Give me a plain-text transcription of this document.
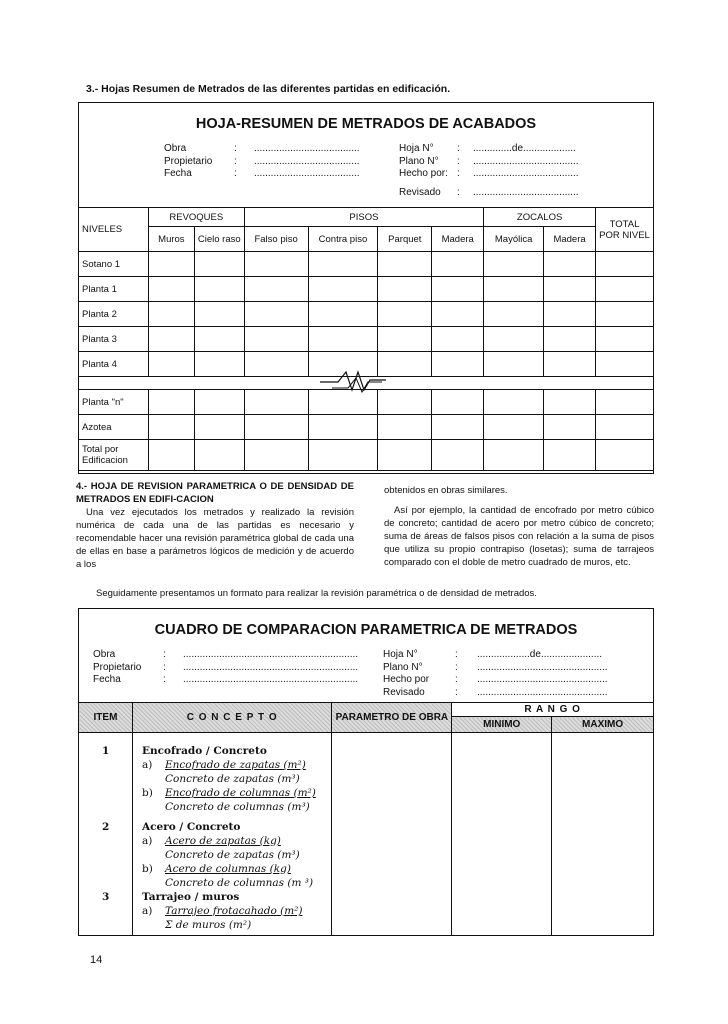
3.- Hojas Resumen de Metrados de las diferentes partidas en edificación.
HOJA-RESUMEN DE METRADOS DE ACABADOS
Obra	: ......................................
Propietario : ......................................
Fecha	: ......................................
Hoja N° : ..............de...................
Plano N° : ......................................
Hecho por: : ......................................
Revisado : ......................................
NIVELES	REVOQUES		PISOS				ZOCALOS		TOTAL POR NIVEL
	Muros	Cielo raso	Falso piso	Contra piso	Parquet	Madera	Mayólica	Madera	
Sotano 1									
Planta 1									
Planta 2									
Planta 3									
Planta 4									

Planta "n"									
Azotea									
Total por Edificacion									
4.- HOJA DE REVISION PARAMETRICA O DE DENSIDAD DE METRADOS EN EDIFI-CACION
Una vez ejecutados los metrados y realizado la revisión numérica de cada una de las partidas es necesario y recomendable hacer una revisión paramétrica global de cada una de ellas en base a parámetros lógicos de medición y de acuerdo a los
obtenidos en obras similares.
Así por ejemplo, la cantidad de encofrado por metro cúbico de concreto; cantidad de acero por metro cúbico de concreto; suma de áreas de falsos pisos con relación a la suma de pisos que utiliza su propio contrapiso (losetas); suma de tarrajeos comparado con el doble de metro cuadrado de muros, etc.
Seguidamente presentamos un formato para realizar la revisión paramétrica o de densidad de metrados.
CUADRO DE COMPARACION PARAMETRICA DE METRADOS
Obra	: ...............................................................
Propietario : ...............................................................
Fecha	: ...............................................................
Hoja N°	: ...................de......................
Plano N°	: ...............................................
Hecho por	: ...............................................
Revisado	: ...............................................
ITEM	C O N C E P T O	PARAMETRO DE OBRA	R A N G O	
			MINIMO	MAXIMO

1	Encofrado / Concreto
a) Encofrado de zapatas (m²)
Concreto de zapatas (m³)
b) Encofrado de columnas (m²)
Concreto de columnas (m³)
2	Acero / Concreto
a) Acero de zapatas (kg)
Concreto de zapatas (m³)
b) Acero de columnas (kg)
Concreto de columnas (m ³)
3	Tarrajeo / muros
a) Tarrajeo frotacahado (m²)
Σ de muros (m²)
14
